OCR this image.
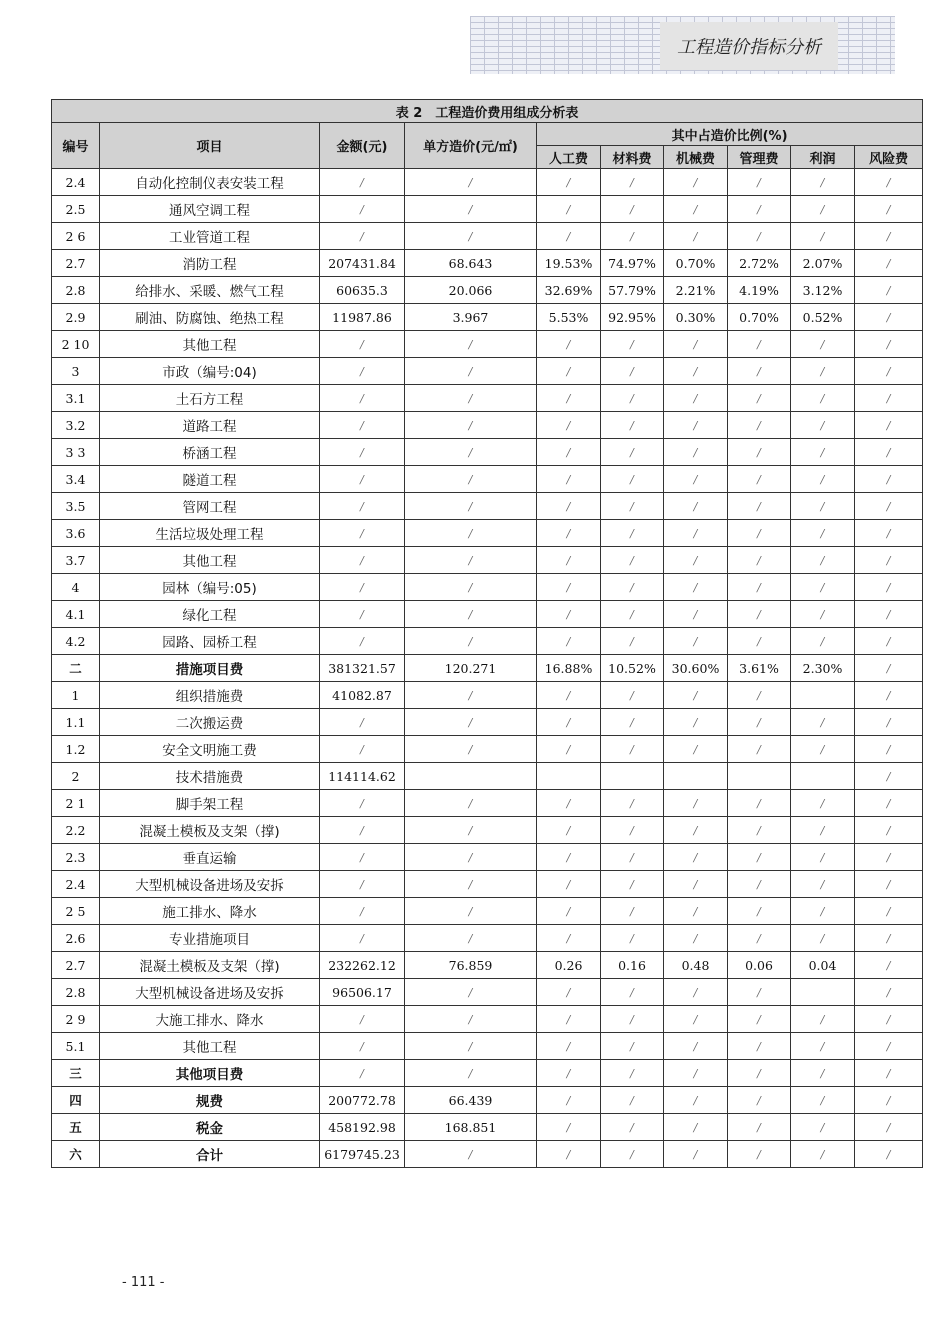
工程造价指标分析
表 2　工程造价费用组成分析表									
编号	项目	金额(元)	单方造价(元/㎡)	其中占造价比例(%)					
				人工费	材料费	机械费	管理费	利润	风险费
2.4	自动化控制仪表安装工程	/	/	/	/	/	/	/	/
2.5	通风空调工程	/	/	/	/	/	/	/	/
2 6	工业管道工程	/	/	/	/	/	/	/	/
2.7	消防工程	207431.84	68.643	19.53%	74.97%	0.70%	2.72%	2.07%	/
2.8	给排水、采暖、燃气工程	60635.3	20.066	32.69%	57.79%	2.21%	4.19%	3.12%	/
2.9	刷油、防腐蚀、绝热工程	11987.86	3.967	5.53%	92.95%	0.30%	0.70%	0.52%	/
2 10	其他工程	/	/	/	/	/	/	/	/
3	市政（编号:04)	/	/	/	/	/	/	/	/
3.1	土石方工程	/	/	/	/	/	/	/	/
3.2	道路工程	/	/	/	/	/	/	/	/
3 3	桥涵工程	/	/	/	/	/	/	/	/
3.4	隧道工程	/	/	/	/	/	/	/	/
3.5	管网工程	/	/	/	/	/	/	/	/
3.6	生活垃圾处理工程	/	/	/	/	/	/	/	/
3.7	其他工程	/	/	/	/	/	/	/	/
4	园林（编号:05)	/	/	/	/	/	/	/	/
4.1	绿化工程	/	/	/	/	/	/	/	/
4.2	园路、园桥工程	/	/	/	/	/	/	/	/
二	措施项目费	381321.57	120.271	16.88%	10.52%	30.60%	3.61%	2.30%	/
1	组织措施费	41082.87	/	/	/	/	/		/
1.1	二次搬运费	/	/	/	/	/	/	/	/
1.2	安全文明施工费	/	/	/	/	/	/	/	/
2	技术措施费	114114.62							/
2 1	脚手架工程	/	/	/	/	/	/	/	/
2.2	混凝土模板及支架（撑)	/	/	/	/	/	/	/	/
2.3	垂直运输	/	/	/	/	/	/	/	/
2.4	大型机械设备进场及安拆	/	/	/	/	/	/	/	/
2 5	施工排水、降水	/	/	/	/	/	/	/	/
2.6	专业措施项目	/	/	/	/	/	/	/	/
2.7	混凝土模板及支架（撑)	232262.12	76.859	0.26	0.16	0.48	0.06	0.04	/
2.8	大型机械设备进场及安拆	96506.17	/	/	/	/	/		/
2 9	大施工排水、降水	/	/	/	/	/	/	/	/
5.1	其他工程	/	/	/	/	/	/	/	/
三	其他项目费	/	/	/	/	/	/	/	/
四	规费	200772.78	66.439	/	/	/	/	/	/
五	税金	458192.98	168.851	/	/	/	/	/	/
六	合计	6179745.23	/	/	/	/	/	/	/
- 111 -
